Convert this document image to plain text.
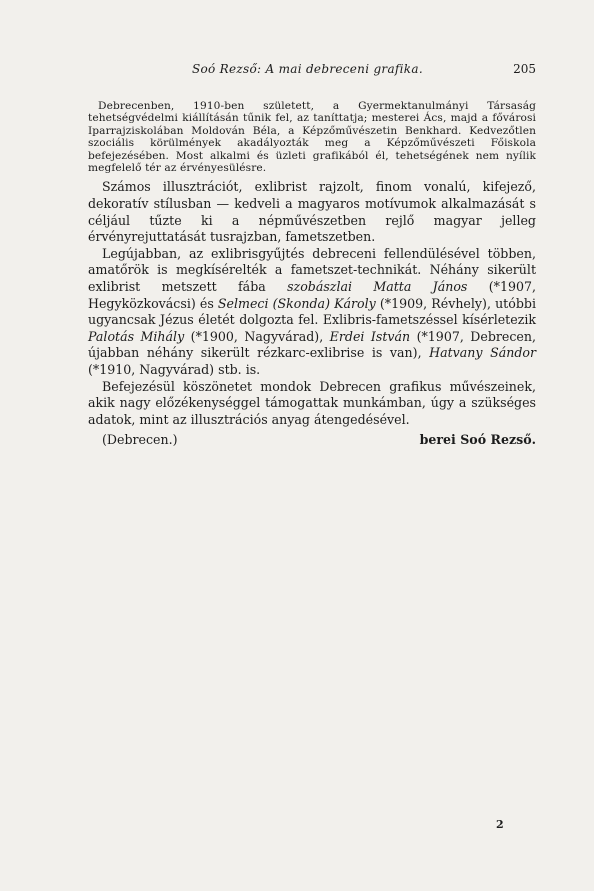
Soó Rezső: A mai debreceni grafika.	205

Debrecenben, 1910-ben született, a Gyermektanulmányi Társaság tehetségvédelmi kiállításán tűnik fel, az taníttatja; mesterei Ács, majd a fővárosi Iparrajziskolában Moldován Béla, a Képzőművészetin Benkhard. Kedvezőtlen szociális körülmények akadályozták meg a Képzőművészeti Főiskola befejezésében. Most alkalmi és üzleti grafikából él, tehetségének nem nyílik megfelelő tér az érvényesülésre.

Számos illusztrációt, exlibrist rajzolt, finom vonalú, kifejező, dekoratív stílusban — kedveli a magyaros motívumok alkalmazását s céljául tűzte ki a népművészetben rejlő magyar jelleg érvényrejuttatását tusrajzban, fametszetben.

Legújabban, az exlibrisgyűjtés debreceni fellendülésével többen, amatőrök is megkísérelték a fametszet-technikát. Néhány sikerült exlibrist metszett fába szobászlai Matta János (*1907, Hegyközkovácsi) és Selmeci (Skonda) Károly (*1909, Révhely), utóbbi ugyancsak Jézus életét dolgozta fel. Exlibris-fametszéssel kísérletezik Palotás Mihály (*1900, Nagyvárad), Erdei István (*1907, Debrecen, újabban néhány sikerült rézkarc-exlibrise is van), Hatvany Sándor (*1910, Nagyvárad) stb. is.

Befejezésül köszönetet mondok Debrecen grafikus művészeinek, akik nagy előzékenységgel támogattak munkámban, úgy a szükséges adatok, mint az illusztrációs anyag átengedésével.

(Debrecen.)	berei Soó Rezső.
2
